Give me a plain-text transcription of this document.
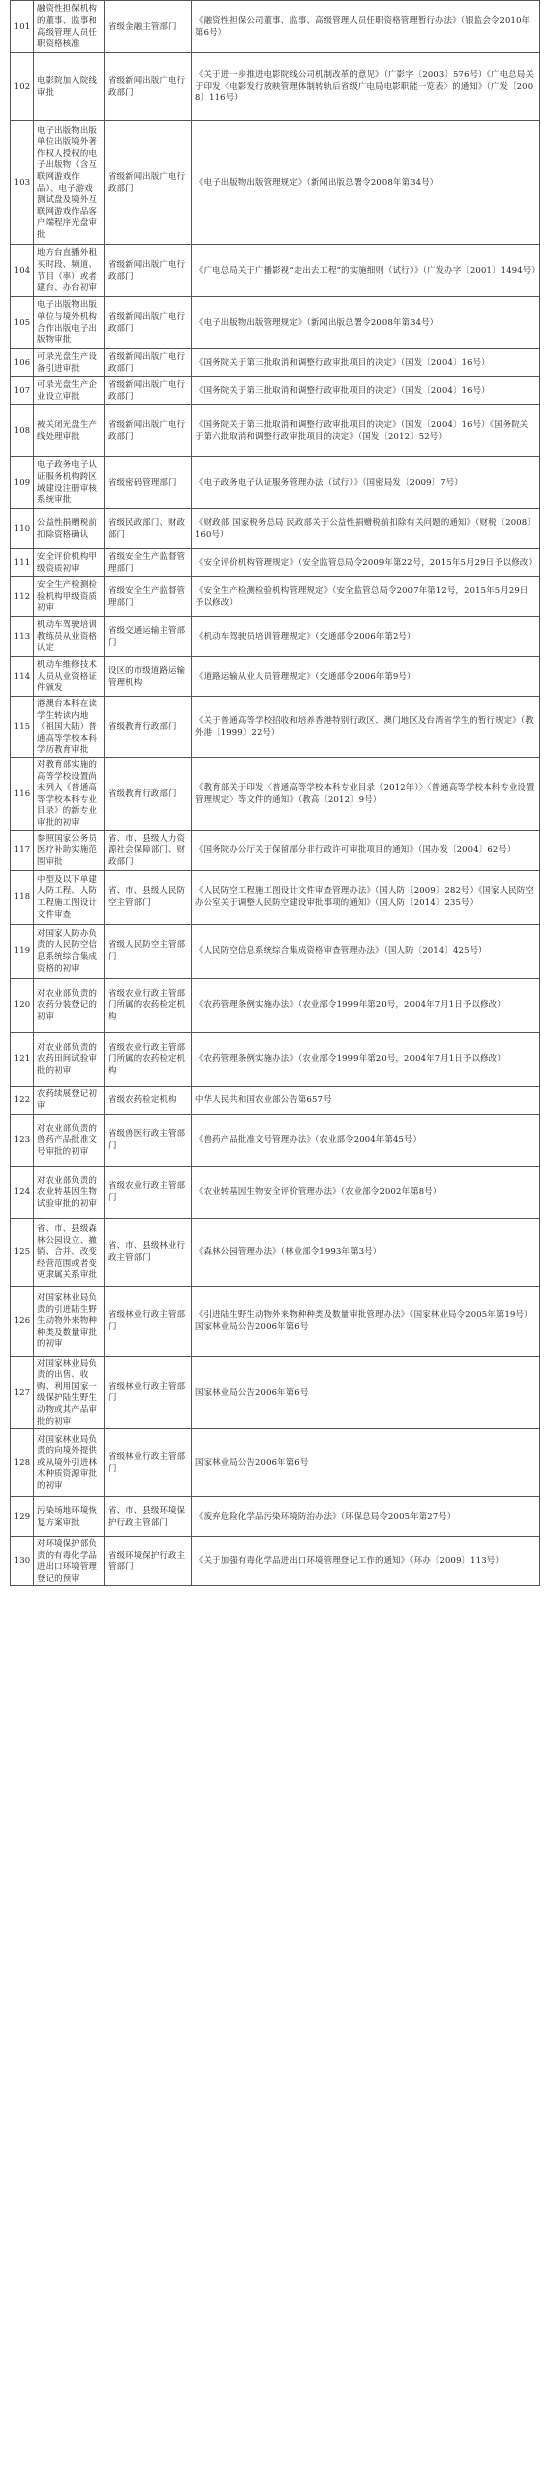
101	融资性担保机构的董事、监事和高级管理人员任职资格核准	省级金融主管部门	《融资性担保公司董事、监事、高级管理人员任职资格管理暂行办法》（银监会令2010年第6号）
102	电影院加入院线审批	省级新闻出版广电行政部门	《关于进一步推进电影院线公司机制改革的意见》（广影字〔2003〕576号）《广电总局关于印发〈电影发行放映管理体制转轨后省级广电局电影职能一览表〉的通知》（广发〔2008〕116号）
103	电子出版物出版单位出版境外著作权人授权的电子出版物（含互联网游戏作品）、电子游戏测试盘及境外互联网游戏作品客户端程序光盘审批	省级新闻出版广电行政部门	《电子出版物出版管理规定》（新闻出版总署令2008年第34号）
104	地方台直播外租买时段、频道、节目（率）或者建台、办台初审	省级新闻出版广电行政部门	《广电总局关于广播影视“走出去工程”的实施细则（试行）》（广发办字〔2001〕1494号）
105	电子出版物出版单位与境外机构合作出版电子出版物审批	省级新闻出版广电行政部门	《电子出版物出版管理规定》（新闻出版总署令2008年第34号）
106	可录光盘生产设备引进审批	省级新闻出版广电行政部门	《国务院关于第三批取消和调整行政审批项目的决定》（国发〔2004〕16号）
107	可录光盘生产企业设立审批	省级新闻出版广电行政部门	《国务院关于第三批取消和调整行政审批项目的决定》（国发〔2004〕16号）
108	被关闭光盘生产线处理审批	省级新闻出版广电行政部门	《国务院关于第三批取消和调整行政审批项目的决定》（国发〔2004〕16号）《国务院关于第六批取消和调整行政审批项目的决定》（国发〔2012〕52号）
109	电子政务电子认证服务机构跨区域建设注册审核系统审批	省级密码管理部门	《电子政务电子认证服务管理办法（试行）》（国密局发〔2009〕7号）
110	公益性捐赠税前扣除资格确认	省级民政部门、财政部门	《财政部 国家税务总局 民政部关于公益性捐赠税前扣除有关问题的通知》（财税〔2008〕160号）
111	安全评价机构甲级资质初审	省级安全生产监督管理部门	《安全评价机构管理规定》（安全监管总局令2009年第22号，2015年5月29日予以修改）
112	安全生产检测检验机构甲级资质初审	省级安全生产监督管理部门	《安全生产检测检验机构管理规定》（安全监管总局令2007年第12号，2015年5月29日予以修改）
113	机动车驾驶培训教练员从业资格认定	省级交通运输主管部门	《机动车驾驶员培训管理规定》（交通部令2006年第2号）
114	机动车维修技术人员从业资格证件颁发	设区的市级道路运输管理机构	《道路运输从业人员管理规定》（交通部令2006年第9号）
115	港澳台本科在读学生转读内地（祖国大陆）普通高等学校本科学历教育审批	省级教育行政部门	《关于普通高等学校招收和培养香港特别行政区、澳门地区及台湾省学生的暂行规定》（教外港〔1999〕22号）
116	对教育部实施的高等学校设置尚未列入《普通高等学校本科专业目录》的新专业审批的初审	省级教育行政部门	《教育部关于印发〈普通高等学校本科专业目录（2012年）〉〈普通高等学校本科专业设置管理规定〉等文件的通知》（教高〔2012〕9号）
117	参照国家公务员医疗补助实施范围审批	省、市、县级人力资源社会保障部门、财政部门	《国务院办公厅关于保留部分非行政许可审批项目的通知》（国办发〔2004〕62号）
118	中型及以下单建人防工程、人防工程施工图设计文件审查	省、市、县级人民防空主管部门	《人民防空工程施工图设计文件审查管理办法》（国人防〔2009〕282号）《国家人民防空办公室关于调整人民防空建设审批事项的通知》（国人防〔2014〕235号）
119	对国家人防办负责的人民防空信息系统综合集成资格的初审	省级人民防空主管部门	《人民防空信息系统综合集成资格审查管理办法》（国人防〔2014〕425号）
120	对农业部负责的农药分装登记的初审	省级农业行政主管部门所属的农药检定机构	《农药管理条例实施办法》（农业部令1999年第20号，2004年7月1日予以修改）
121	对农业部负责的农药田间试验审批的初审	省级农业行政主管部门所属的农药检定机构	《农药管理条例实施办法》（农业部令1999年第20号，2004年7月1日予以修改）
122	农药续展登记初审	省级农药检定机构	中华人民共和国农业部公告第657号
123	对农业部负责的兽药产品批准文号审批的初审	省级兽医行政主管部门	《兽药产品批准文号管理办法》（农业部令2004年第45号）
124	对农业部负责的农业转基因生物试验审批的初审	省级农业行政主管部门	《农业转基因生物安全评价管理办法》（农业部令2002年第8号）
125	省、市、县级森林公园设立、撤销、合并、改变经营范围或者变更隶属关系审批	省、市、县级林业行政主管部门	《森林公园管理办法》（林业部令1993年第3号）
126	对国家林业局负责的引进陆生野生动物外来物种种类及数量审批的初审	省级林业行政主管部门	《引进陆生野生动物外来物种种类及数量审批管理办法》（国家林业局令2005年第19号）国家林业局公告2006年第6号
127	对国家林业局负责的出售、收购、利用国家一级保护陆生野生动物或其产品审批的初审	省级林业行政主管部门	国家林业局公告2006年第6号
128	对国家林业局负责的向境外提供或从境外引进林木种质资源审批的初审	省级林业行政主管部门	国家林业局公告2006年第6号
129	污染场地环境恢复方案审批	省、市、县级环境保护行政主管部门	《废弃危险化学品污染环境防治办法》（环保总局令2005年第27号）
130	对环境保护部负责的有毒化学品进出口环境管理登记的预审	省级环境保护行政主管部门	《关于加强有毒化学品进出口环境管理登记工作的通知》（环办〔2009〕113号）
